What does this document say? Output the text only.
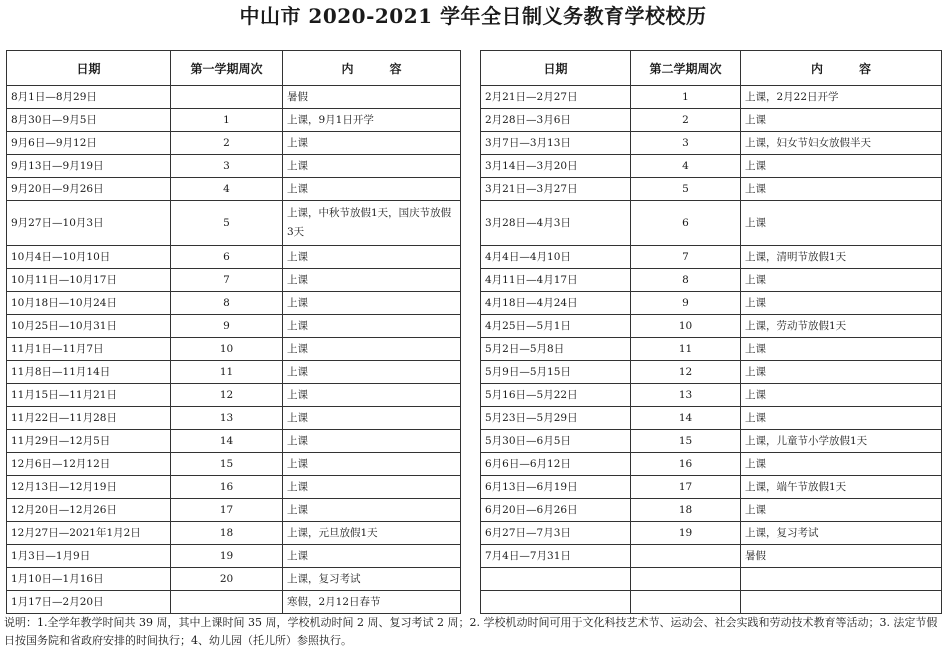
中山市 2020-2021 学年全日制义务教育学校校历
日期	第一学期周次	内　　　容
8月1日—8月29日		暑假
8月30日—9月5日	1	上课，9月1日开学
9月6日—9月12日	2	上课
9月13日—9月19日	3	上课
9月20日—9月26日	4	上课
9月27日—10月3日	5	上课，中秋节放假1天，国庆节放假3天
10月4日—10月10日	6	上课
10月11日—10月17日	7	上课
10月18日—10月24日	8	上课
10月25日—10月31日	9	上课
11月1日—11月7日	10	上课
11月8日—11月14日	11	上课
11月15日—11月21日	12	上课
11月22日—11月28日	13	上课
11月29日—12月5日	14	上课
12月6日—12月12日	15	上课
12月13日—12月19日	16	上课
12月20日—12月26日	17	上课
12月27日—2021年1月2日	18	上课，元旦放假1天
1月3日—1月9日	19	上课
1月10日—1月16日	20	上课，复习考试
1月17日—2月20日		寒假，2月12日春节
日期	第二学期周次	内　　　容
2月21日—2月27日	1	上课，2月22日开学
2月28日—3月6日	2	上课
3月7日—3月13日	3	上课，妇女节妇女放假半天
3月14日—3月20日	4	上课
3月21日—3月27日	5	上课
3月28日—4月3日	6	上课
4月4日—4月10日	7	上课，清明节放假1天
4月11日—4月17日	8	上课
4月18日—4月24日	9	上课
4月25日—5月1日	10	上课，劳动节放假1天
5月2日—5月8日	11	上课
5月9日—5月15日	12	上课
5月16日—5月22日	13	上课
5月23日—5月29日	14	上课
5月30日—6月5日	15	上课，儿童节小学放假1天
6月6日—6月12日	16	上课
6月13日—6月19日	17	上课，端午节放假1天
6月20日—6月26日	18	上课
6月27日—7月3日	19	上课，复习考试
7月4日—7月31日		暑假

说明：1.全学年教学时间共 39 周，其中上课时间 35 周，学校机动时间 2 周、复习考试 2 周；2. 学校机动时间可用于文化科技艺术节、运动会、社会实践和劳动技术教育等活动；3. 法定节假日按国务院和省政府安排的时间执行；4、幼儿园（托儿所）参照执行。
